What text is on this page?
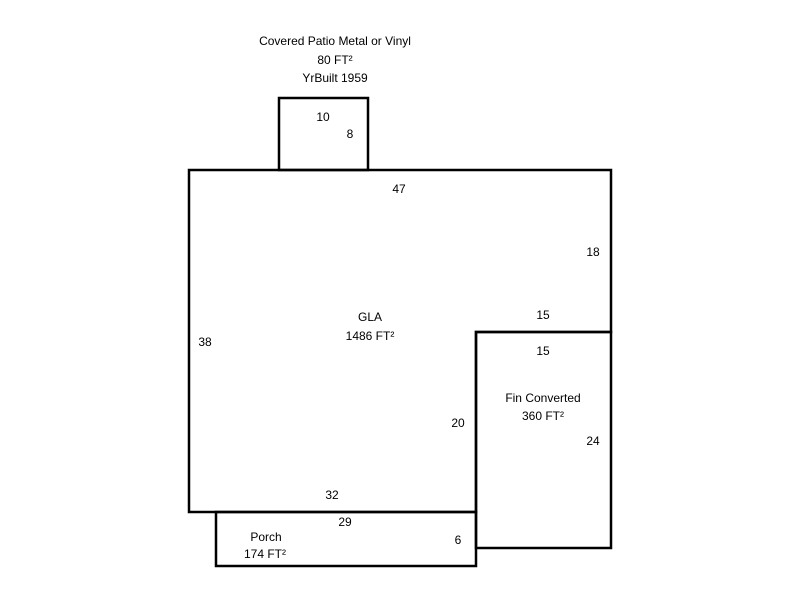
Covered Patio Metal or Vinyl
80 FT²
YrBuilt 1959
10
8
47
18
15
GLA
1486 FT²
38
20
32
15
Fin Converted
360 FT²
24
29
Porch
174 FT²
6
